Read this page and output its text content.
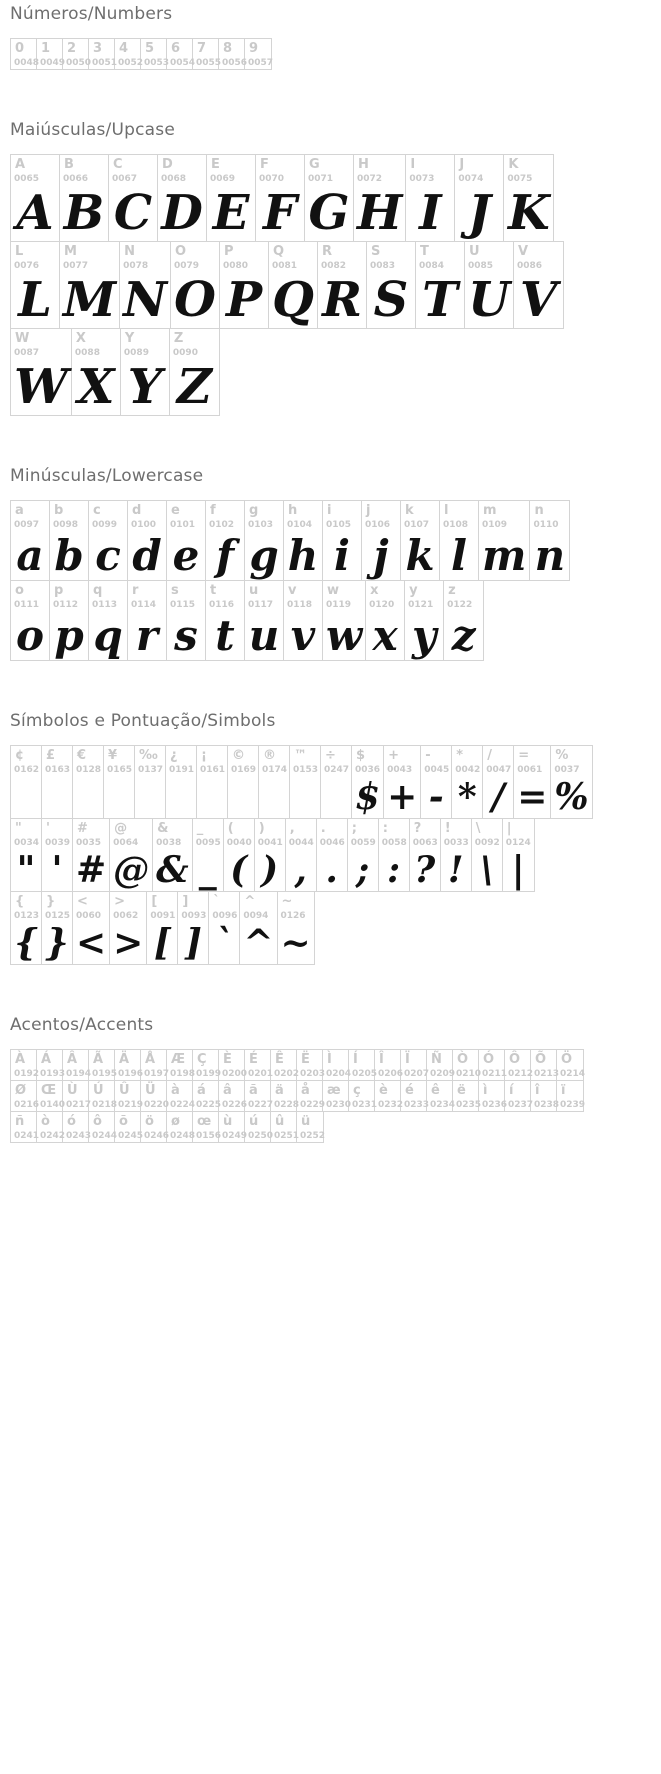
Números/Numbers
0
0048
1
0049
2
0050
3
0051
4
0052
5
0053
6
0054
7
0055
8
0056
9
0057
Maiúsculas/Upcase
A
0065
A
B
0066
B
C
0067
C
D
0068
D
E
0069
E
F
0070
F
G
0071
G
H
0072
H
I
0073
I
J
0074
J
K
0075
K
L
0076
L
M
0077
M
N
0078
N
O
0079
O
P
0080
P
Q
0081
Q
R
0082
R
S
0083
S
T
0084
T
U
0085
U
V
0086
V
W
0087
W
X
0088
X
Y
0089
Y
Z
0090
Z
Minúsculas/Lowercase
a
0097
a
b
0098
b
c
0099
c
d
0100
d
e
0101
e
f
0102
f
g
0103
g
h
0104
h
i
0105
i
j
0106
j
k
0107
k
l
0108
l
m
0109
m
n
0110
n
o
0111
o
p
0112
p
q
0113
q
r
0114
r
s
0115
s
t
0116
t
u
0117
u
v
0118
v
w
0119
w
x
0120
x
y
0121
y
z
0122
z
Símbolos e Pontuação/Simbols
¢
0162
£
0163
€
0128
¥
0165
‰
0137
¿
0191
¡
0161
©
0169
®
0174
™
0153
÷
0247
$
0036
$
+
0043
+
-
0045
-
*
0042
*
/
0047
/
=
0061
=
%
0037
%
"
0034
"
'
0039
'
#
0035
#
@
0064
@
&
0038
&
_
0095
_
(
0040
(
)
0041
)
,
0044
,
.
0046
.
;
0059
;
:
0058
:
?
0063
?
!
0033
!
\
0092
\
|
0124
|
{
0123
{
}
0125
}
<
0060
<
>
0062
>
[
0091
[
]
0093
]
`
0096
`
^
0094
^
~
0126
~
Acentos/Accents
À
0192
Á
0193
Â
0194
Ã
0195
Ä
0196
Å
0197
Æ
0198
Ç
0199
È
0200
É
0201
Ê
0202
Ë
0203
Ì
0204
Í
0205
Î
0206
Ï
0207
Ñ
0209
Ò
0210
Ó
0211
Ô
0212
Õ
0213
Ö
0214
Ø
0216
Œ
0140
Ù
0217
Ú
0218
Û
0219
Ü
0220
à
0224
á
0225
â
0226
ã
0227
ä
0228
å
0229
æ
0230
ç
0231
è
0232
é
0233
ê
0234
ë
0235
ì
0236
í
0237
î
0238
ï
0239
ñ
0241
ò
0242
ó
0243
ô
0244
õ
0245
ö
0246
ø
0248
œ
0156
ù
0249
ú
0250
û
0251
ü
0252
